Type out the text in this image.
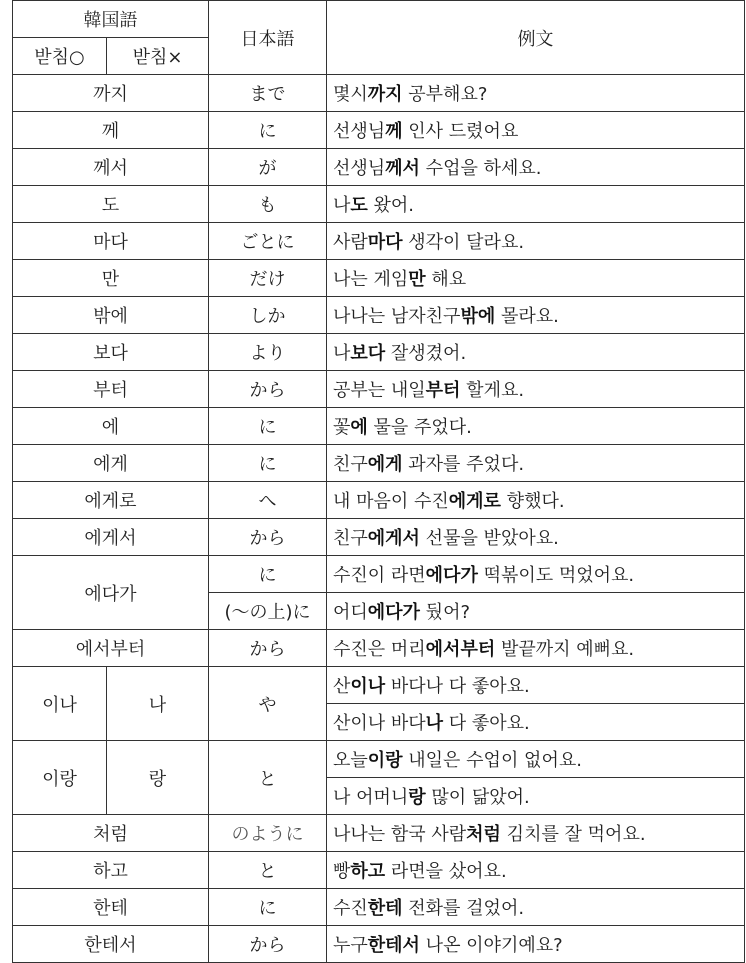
韓国語		日本語	例文
받침○	받침×		
까지		まで	몇시까지 공부해요?
께		に	선생님께 인사 드렸어요
께서		が	선생님께서 수업을 하세요.
도		も	나도 왔어.
마다		ごとに	사람마다 생각이 달라요.
만		だけ	나는 게임만 해요
밖에		しか	나나는 남자친구밖에 몰라요.
보다		より	나보다 잘생겼어.
부터		から	공부는 내일부터 할게요.
에		に	꽃에 물을 주었다.
에게		に	친구에게 과자를 주었다.
에게로		へ	내 마음이 수진에게로 향했다.
에게서		から	친구에게서 선물을 받았아요.
에다가		に	수진이 라면에다가 떡볶이도 먹었어요.
		(～の上)に	어디에다가 뒀어?
에서부터		から	수진은 머리에서부터 발끝까지 예뻐요.
이나	나	や	산이나 바다나 다 좋아요.
			산이나 바다나 다 좋아요.
이랑	랑	と	오늘이랑 내일은 수업이 없어요.
			나 어머니랑 많이 닮았어.
처럼		のように	나나는 함국 사람처럼 김치를 잘 먹어요.
하고		と	빵하고 라면을 샀어요.
한테		に	수진한테 전화를 걸었어.
한테서		から	누구한테서 나온 이야기예요?
